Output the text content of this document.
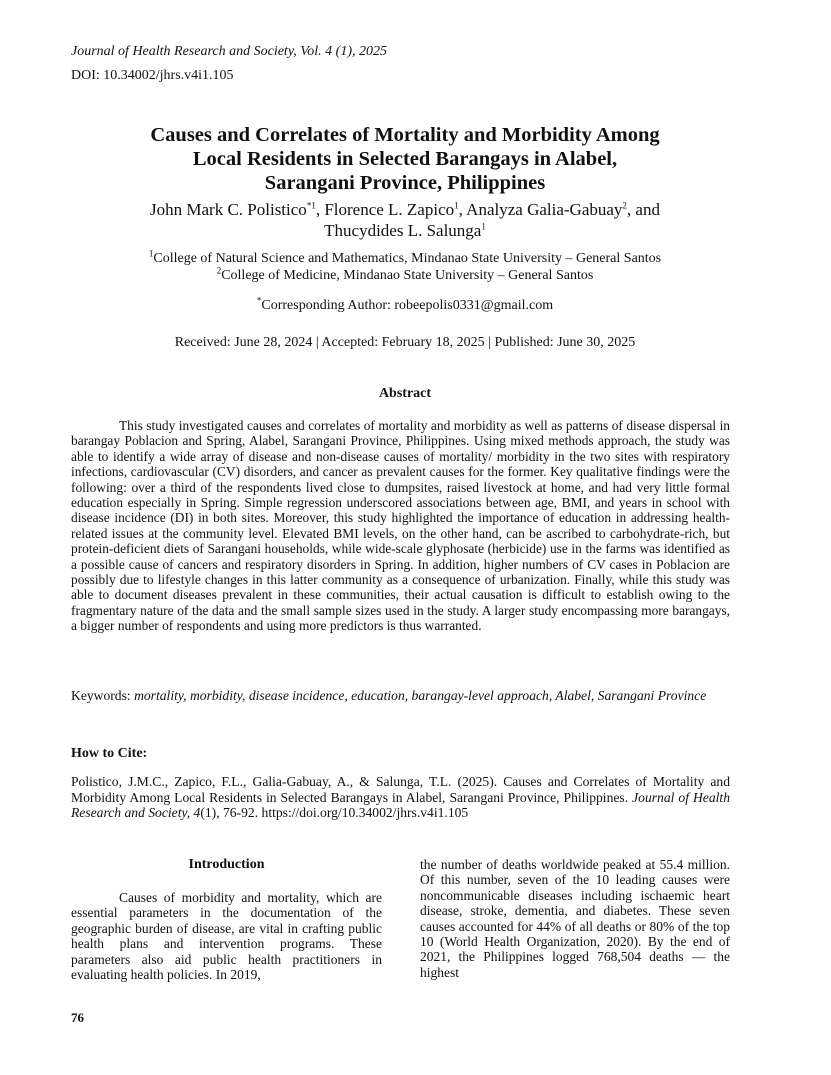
Journal of Health Research and Society, Vol. 4 (1), 2025
DOI: 10.34002/jhrs.v4i1.105
Causes and Correlates of Mortality and Morbidity Among
Local Residents in Selected Barangays in Alabel,
Sarangani Province, Philippines
John Mark C. Polistico$^{*1}$, Florence L. Zapico$^1$, Analyza Galia-Gabuay$^2$, and
Thucydides L. Salunga$^1$
$^1$College of Natural Science and Mathematics, Mindanao State University – General Santos
$^2$College of Medicine, Mindanao State University – General Santos
*Corresponding Author: robeepolis0331@gmail.com
Received: June 28, 2024 | Accepted: February 18, 2025 | Published: June 30, 2025
Abstract
This study investigated causes and correlates of mortality and morbidity as well as patterns of disease dispersal in barangay Poblacion and Spring, Alabel, Sarangani Province, Philippines. Using mixed methods approach, the study was able to identify a wide array of disease and non-disease causes of mortality/ morbidity in the two sites with respiratory infections, cardiovascular (CV) disorders, and cancer as prevalent causes for the former. Key qualitative findings were the following: over a third of the respondents lived close to dumpsites, raised livestock at home, and had very little formal education especially in Spring. Simple regression underscored associations between age, BMI, and years in school with disease incidence (DI) in both sites. Moreover, this study highlighted the importance of education in addressing health-related issues at the community level. Elevated BMI levels, on the other hand, can be ascribed to carbohydrate-rich, but protein-deficient diets of Sarangani households, while wide-scale glyphosate (herbicide) use in the farms was identified as a possible cause of cancers and respiratory disorders in Spring. In addition, higher numbers of CV cases in Poblacion are possibly due to lifestyle changes in this latter community as a consequence of urbanization. Finally, while this study was able to document diseases prevalent in these communities, their actual causation is difficult to establish owing to the fragmentary nature of the data and the small sample sizes used in the study. A larger study encompassing more barangays, a bigger number of respondents and using more predictors is thus warranted.
Keywords: mortality, morbidity, disease incidence, education, barangay-level approach, Alabel, Sarangani Province
How to Cite:
Polistico, J.M.C., Zapico, F.L., Galia-Gabuay, A., & Salunga, T.L. (2025). Causes and Correlates of Mortality and Morbidity Among Local Residents in Selected Barangays in Alabel, Sarangani Province, Philippines. Journal of Health Research and Society, 4(1), 76-92. https://doi.org/10.34002/jhrs.v4i1.105
Introduction
Causes of morbidity and mortality, which are essential parameters in the documentation of the geographic burden of disease, are vital in crafting public health plans and intervention programs. These parameters also aid public health practitioners in evaluating health policies. In 2019,
the number of deaths worldwide peaked at 55.4 million. Of this number, seven of the 10 leading causes were noncommunicable diseases including ischaemic heart disease, stroke, dementia, and diabetes. These seven causes accounted for 44% of all deaths or 80% of the top 10 (World Health Organization, 2020). By the end of 2021, the Philippines logged 768,504 deaths — the highest
76
